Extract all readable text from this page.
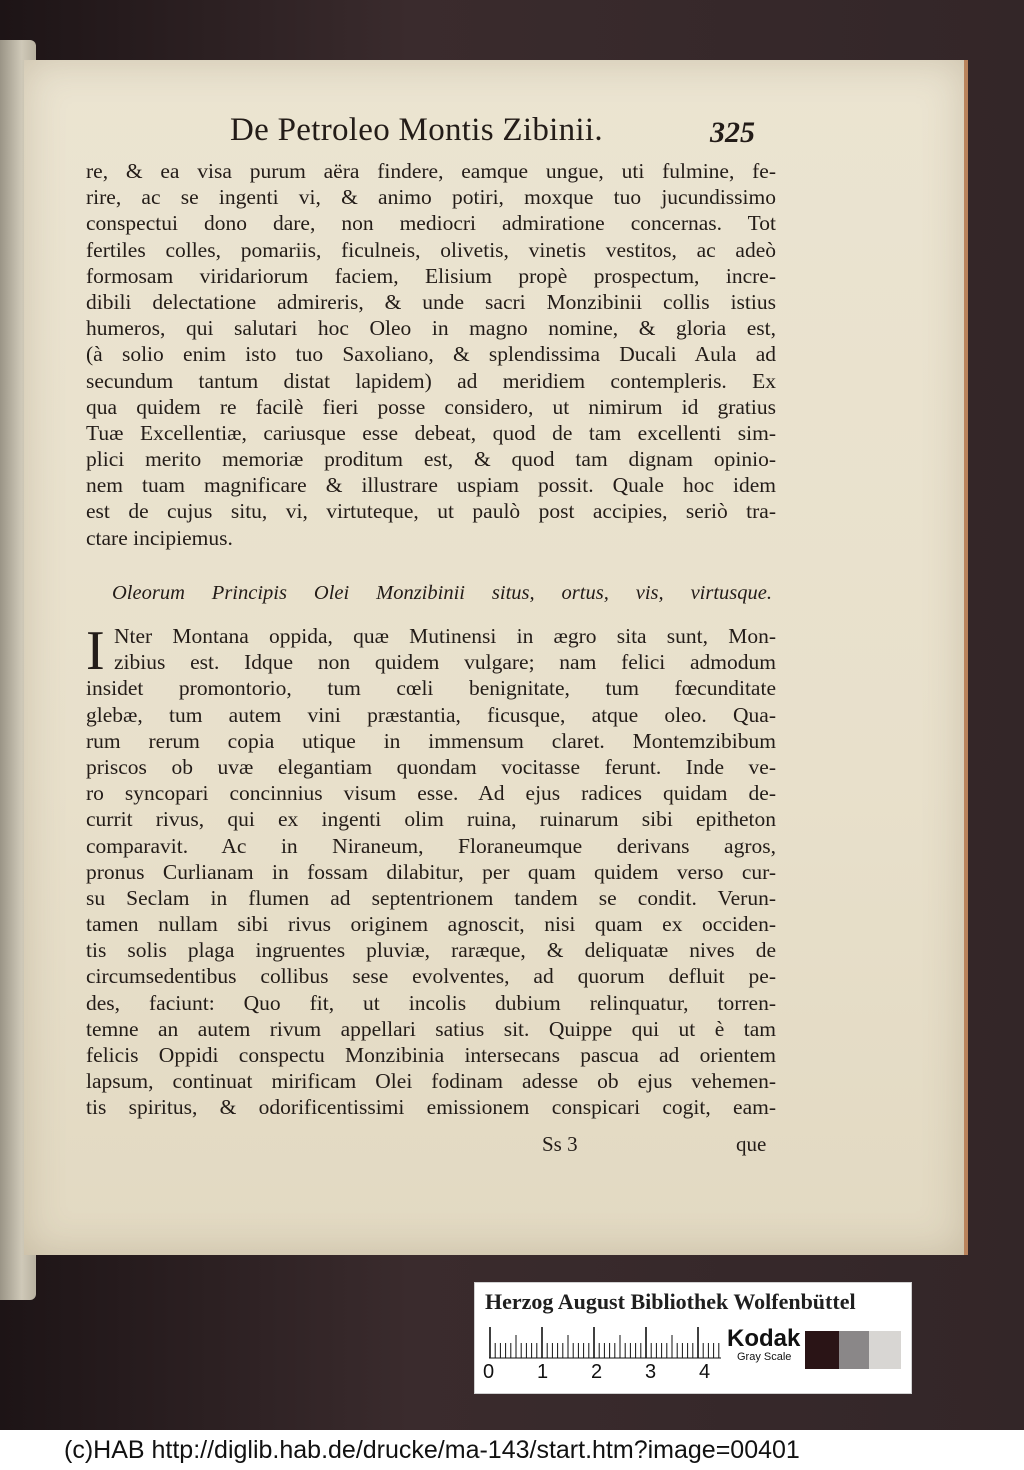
De Petroleo Montis Zibinii.	325
re, & ea visa purum aëra findere, eamque ungue, uti fulmine, fe-
rire, ac se ingenti vi, & animo potiri, moxque tuo jucundissimo
conspectui dono dare, non mediocri admiratione concernas. Tot
fertiles colles, pomariis, ficulneis, olivetis, vinetis vestitos, ac adeò
formosam viridariorum faciem, Elisium propè prospectum, incre-
dibili delectatione admireris, & unde sacri Monzibinii collis istius
humeros, qui salutari hoc Oleo in magno nomine, & gloria est,
(à solio enim isto tuo Saxoliano, & splendissima Ducali Aula ad
secundum tantum distat lapidem) ad meridiem contempleris. Ex
qua quidem re facilè fieri posse considero, ut nimirum id gratius
Tuæ Excellentiæ, cariusque esse debeat, quod de tam excellenti sim-
plici merito memoriæ proditum est, & quod tam dignam opinio-
nem tuam magnificare & illustrare uspiam possit. Quale hoc idem
est de cujus situ, vi, virtuteque, ut paulò post accipies, seriò tra-
ctare incipiemus.
Oleorum Principis Olei Monzibinii situs, ortus, vis, virtusque.
I Nter Montana oppida, quæ Mutinensi in ægro sita sunt, Mon-
zibius est. Idque non quidem vulgare; nam felici admodum
insidet promontorio, tum cœli benignitate, tum fœcunditate
glebæ, tum autem vini præstantia, ficusque, atque oleo. Qua-
rum rerum copia utique in immensum claret. Montemzibibum
priscos ob uvæ elegantiam quondam vocitasse ferunt. Inde ve-
ro syncopari concinnius visum esse. Ad ejus radices quidam de-
currit rivus, qui ex ingenti olim ruina, ruinarum sibi epitheton
comparavit. Ac in Niraneum, Floraneumque derivans agros,
pronus Curlianam in fossam dilabitur, per quam quidem verso cur-
su Seclam in flumen ad septentrionem tandem se condit. Verun-
tamen nullam sibi rivus originem agnoscit, nisi quam ex occiden-
tis solis plaga ingruentes pluviæ, raræque, & deliquatæ nives de
circumsedentibus collibus sese evolventes, ad quorum defluit pe-
des, faciunt: Quo fit, ut incolis dubium relinquatur, torren-
temne an autem rivum appellari satius sit. Quippe qui ut è tam
felicis Oppidi conspectu Monzibinia intersecans pascua ad orientem
lapsum, continuat mirificam Olei fodinam adesse ob ejus vehemen-
tis spiritus, & odorificentissimi emissionem conspicari cogit, eam-
Ss 3	que
Herzog August Bibliothek Wolfenbüttel
0 1 2 3 4
Kodak
Gray Scale
(c)HAB http://diglib.hab.de/drucke/ma-143/start.htm?image=00401
